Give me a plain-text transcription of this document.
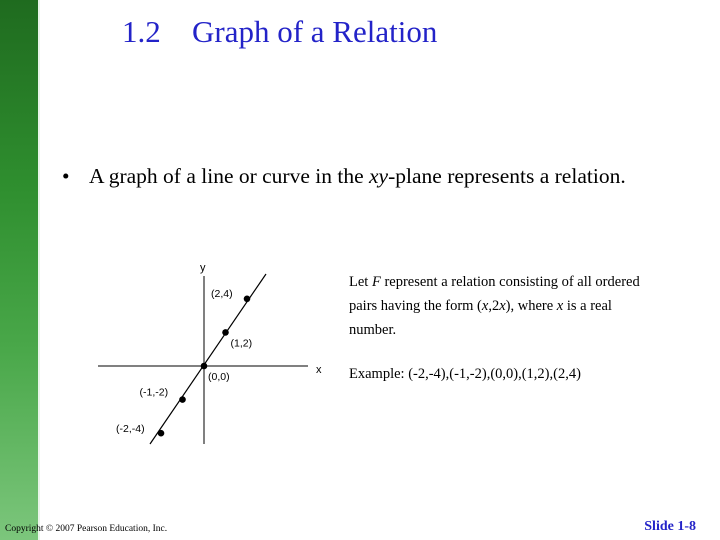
1.2 Graph of a Relation
• A graph of a line or curve in the xy-plane represents a relation.
x
y
(2,4)
(1,2)
(0,0)
(-1,-2)
(-2,-4)
Let F represent a relation consisting of all ordered pairs having the form (x,2x), where x is a real number.
Example: (-2,-4),(-1,-2),(0,0),(1,2),(2,4)
Copyright © 2007 Pearson Education, Inc.	Slide 1-8
